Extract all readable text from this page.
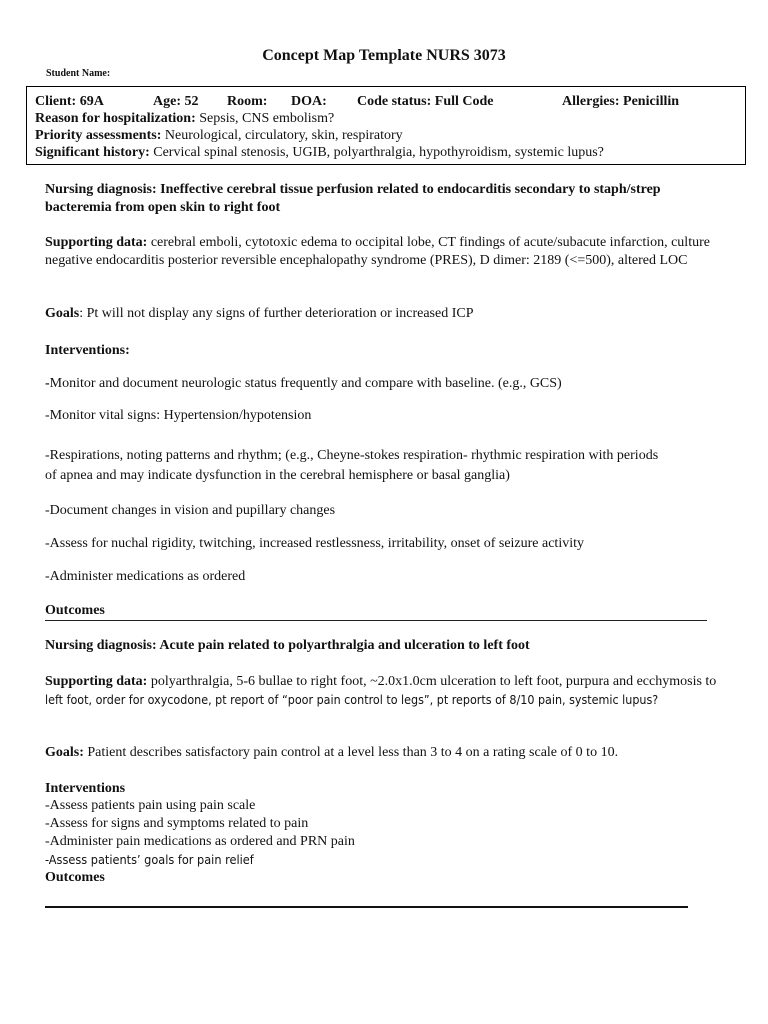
Concept Map Template NURS 3073
Student Name:
Client: 69A	Age: 52 Room: DOA: Code status: Full Code	Allergies: Penicillin
Reason for hospitalization: Sepsis, CNS embolism?
Priority assessments: Neurological, circulatory, skin, respiratory
Significant history: Cervical spinal stenosis, UGIB, polyarthralgia, hypothyroidism, systemic lupus?
Nursing diagnosis: Ineffective cerebral tissue perfusion related to endocarditis secondary to staph/strep
bacteremia from open skin to right foot
Supporting data: cerebral emboli, cytotoxic edema to occipital lobe, CT findings of acute/subacute infarction, culture
negative endocarditis posterior reversible encephalopathy syndrome (PRES), D dimer: 2189 (<=500), altered LOC
Goals: Pt will not display any signs of further deterioration or increased ICP
Interventions:
-Monitor and document neurologic status frequently and compare with baseline. (e.g., GCS)
-Monitor vital signs: Hypertension/hypotension
-Respirations, noting patterns and rhythm; (e.g., Cheyne-stokes respiration- rhythmic respiration with periods
of apnea and may indicate dysfunction in the cerebral hemisphere or basal ganglia)
-Document changes in vision and pupillary changes
-Assess for nuchal rigidity, twitching, increased restlessness, irritability, onset of seizure activity
-Administer medications as ordered
Outcomes
Nursing diagnosis: Acute pain related to polyarthralgia and ulceration to left foot
Supporting data: polyarthralgia, 5-6 bullae to right foot, ~2.0x1.0cm ulceration to left foot, purpura and ecchymosis to
left foot, order for oxycodone, pt report of “poor pain control to legs”, pt reports of 8/10 pain, systemic lupus?
Goals: Patient describes satisfactory pain control at a level less than 3 to 4 on a rating scale of 0 to 10.
Interventions
-Assess patients pain using pain scale
-Assess for signs and symptoms related to pain
-Administer pain medications as ordered and PRN pain
-Assess patients’ goals for pain relief
Outcomes
